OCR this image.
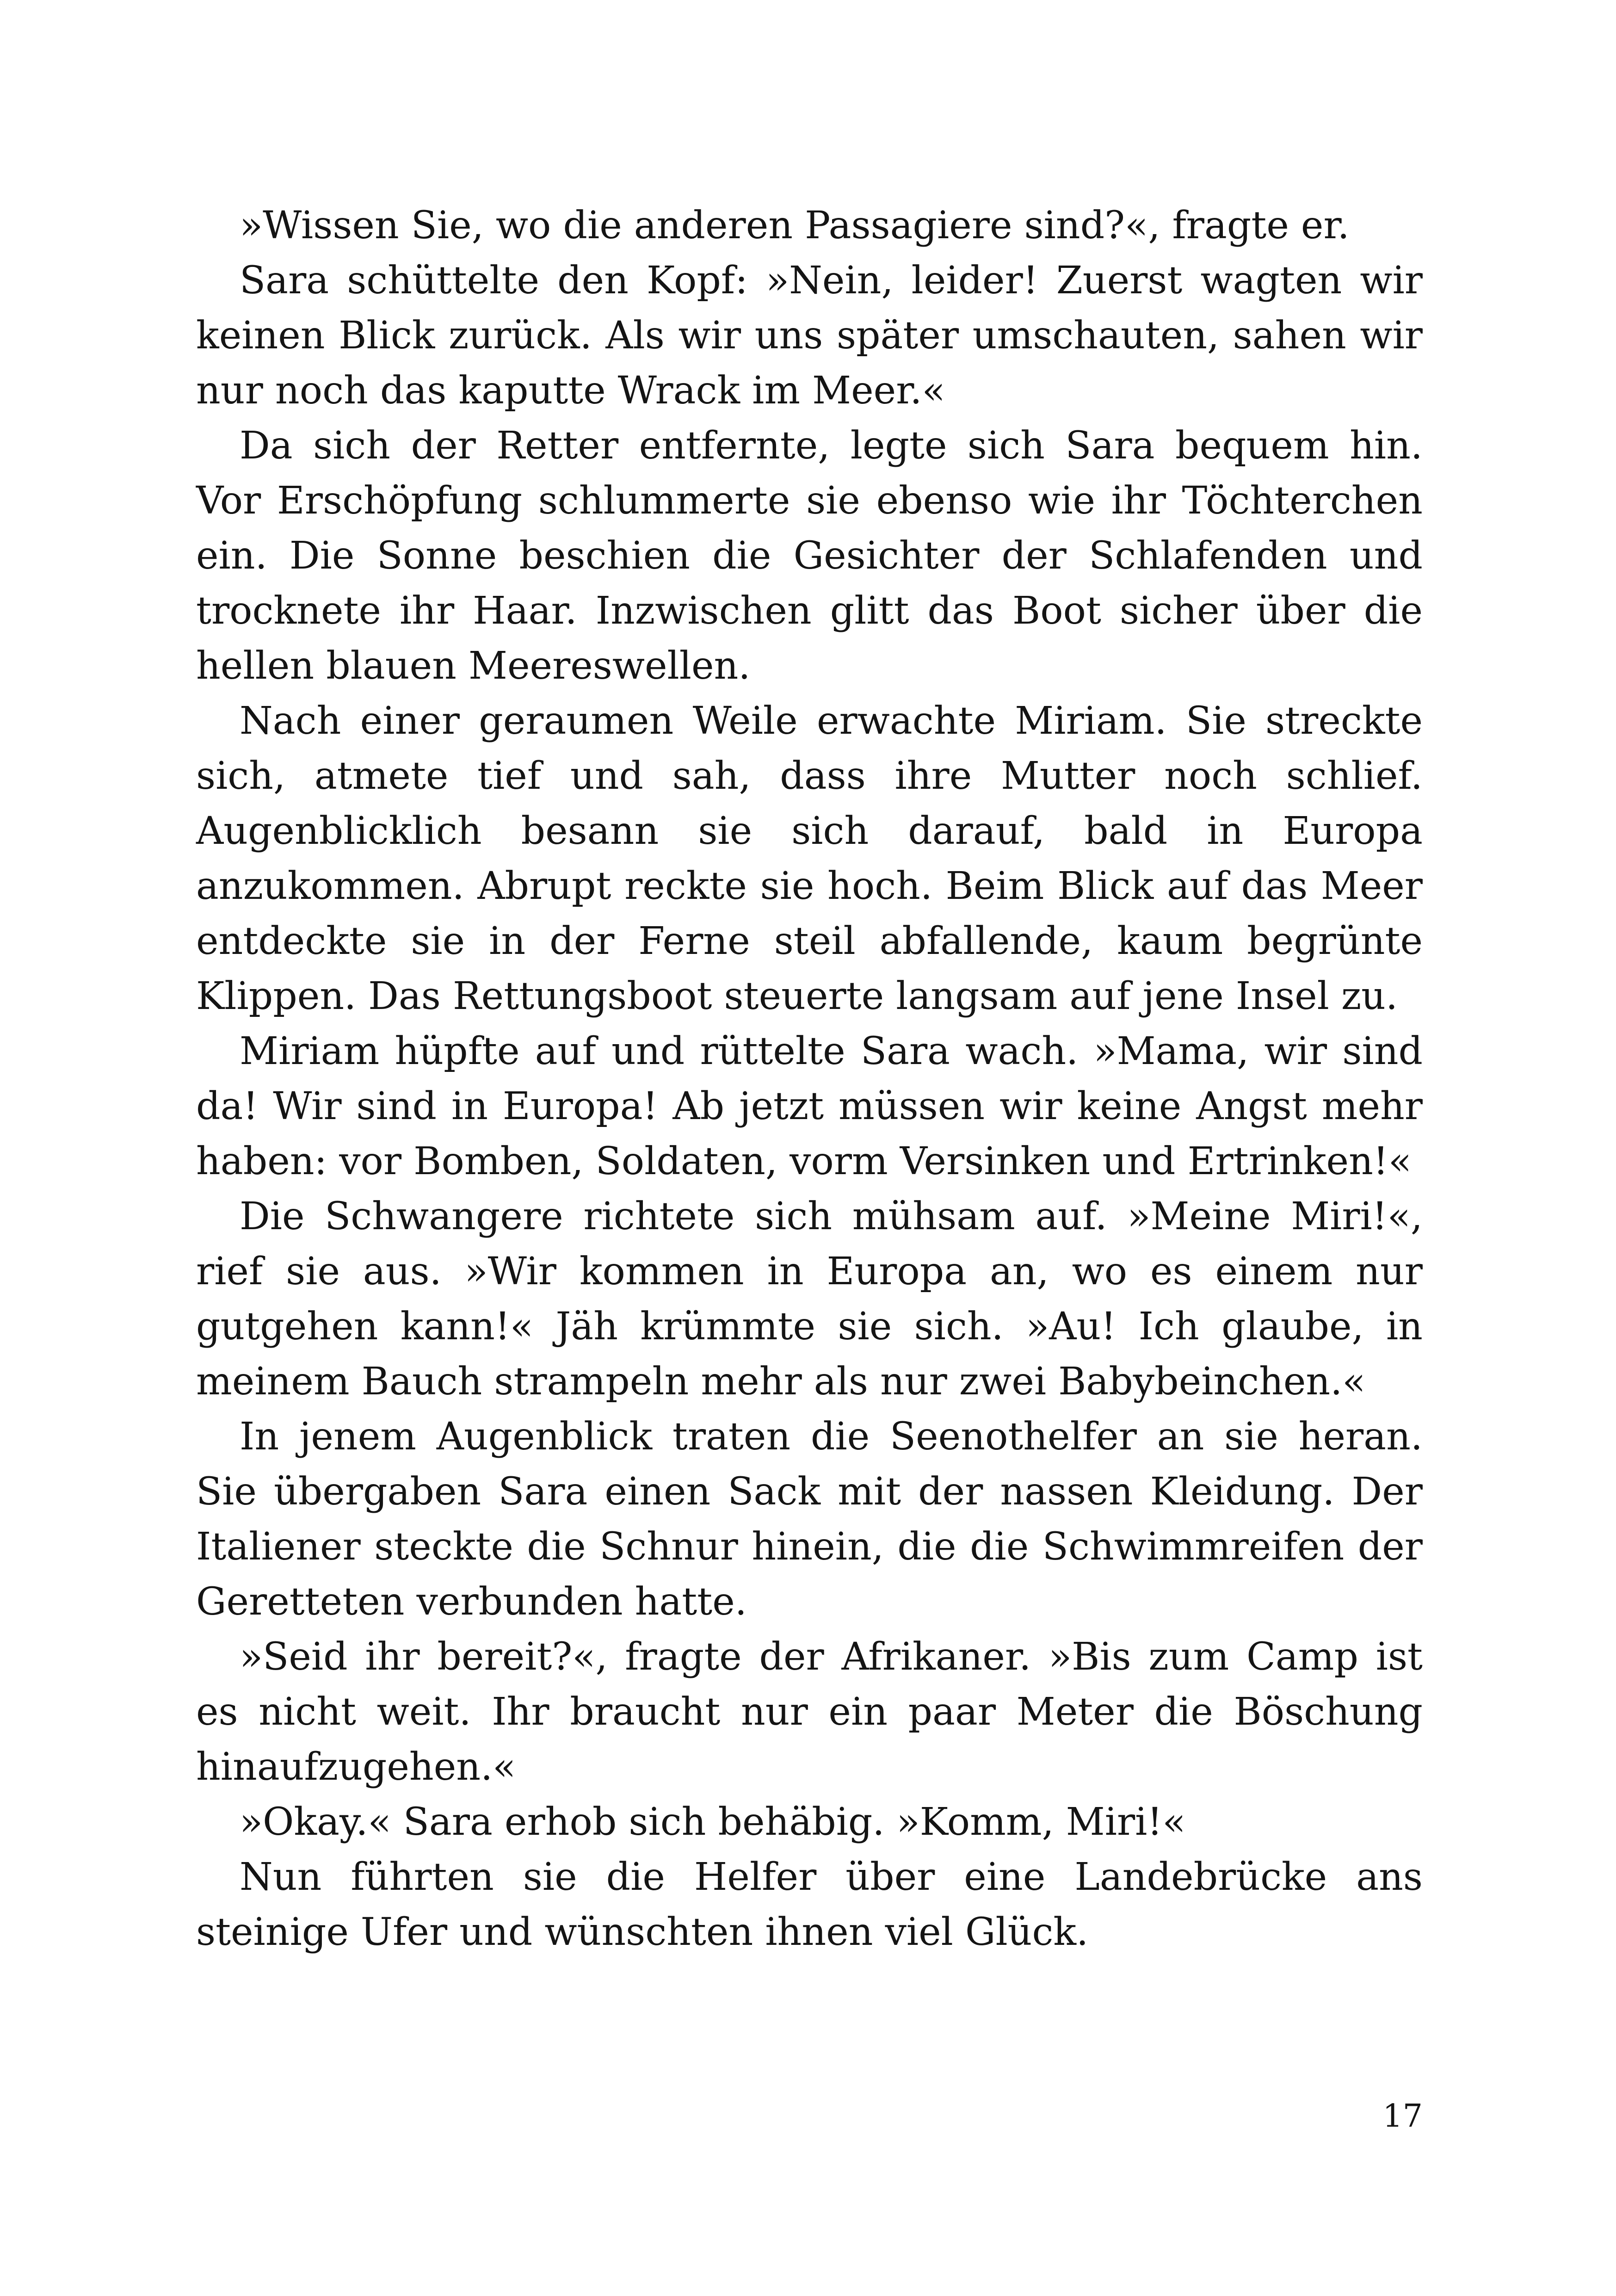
»Wissen Sie, wo die anderen Passagiere sind?«, fragte er.

Sara schüttelte den Kopf: »Nein, leider! Zuerst wagten wir keinen Blick zurück. Als wir uns später umschauten, sahen wir nur noch das kaputte Wrack im Meer.«

Da sich der Retter entfernte, legte sich Sara bequem hin. Vor Erschöpfung schlummerte sie ebenso wie ihr Töchterchen ein. Die Sonne beschien die Gesichter der Schlafenden und trocknete ihr Haar. Inzwischen glitt das Boot sicher über die hellen blauen Meereswellen.

Nach einer geraumen Weile erwachte Miriam. Sie streckte sich, atmete tief und sah, dass ihre Mutter noch schlief. Augenblicklich besann sie sich darauf, bald in Europa anzukommen. Abrupt reckte sie hoch. Beim Blick auf das Meer entdeckte sie in der Ferne steil abfallende, kaum begrünte Klippen. Das Rettungsboot steuerte langsam auf jene Insel zu.

Miriam hüpfte auf und rüttelte Sara wach. »Mama, wir sind da! Wir sind in Europa! Ab jetzt müssen wir keine Angst mehr haben: vor Bomben, Soldaten, vorm Versinken und Ertrinken!«

Die Schwangere richtete sich mühsam auf. »Meine Miri!«, rief sie aus. »Wir kommen in Europa an, wo es einem nur gutgehen kann!« Jäh krümmte sie sich. »Au! Ich glaube, in meinem Bauch strampeln mehr als nur zwei Babybeinchen.«

In jenem Augenblick traten die Seenothelfer an sie heran. Sie übergaben Sara einen Sack mit der nassen Kleidung. Der Italiener steckte die Schnur hinein, die die Schwimmreifen der Geretteten verbunden hatte.

»Seid ihr bereit?«, fragte der Afrikaner. »Bis zum Camp ist es nicht weit. Ihr braucht nur ein paar Meter die Böschung hinaufzugehen.«

»Okay.« Sara erhob sich behäbig. »Komm, Miri!«

Nun führten sie die Helfer über eine Landebrücke ans steinige Ufer und wünschten ihnen viel Glück.

17
